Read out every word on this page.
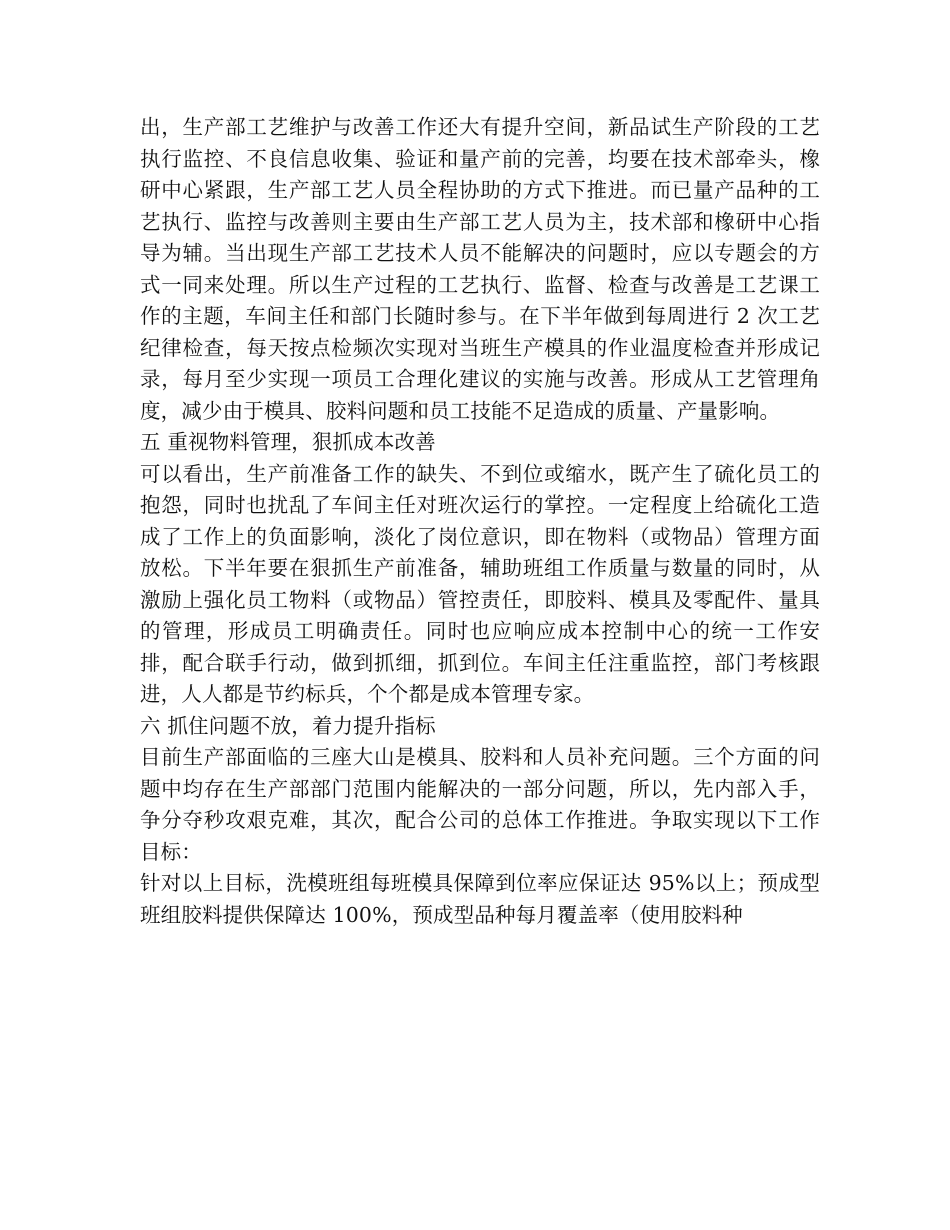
出，生产部工艺维护与改善工作还大有提升空间，新品试生产阶段的工艺执行监控、不良信息收集、验证和量产前的完善，均要在技术部牵头，橡研中心紧跟，生产部工艺人员全程协助的方式下推进。而已量产品种的工艺执行、监控与改善则主要由生产部工艺人员为主，技术部和橡研中心指导为辅。当出现生产部工艺技术人员不能解决的问题时，应以专题会的方式一同来处理。所以生产过程的工艺执行、监督、检查与改善是工艺课工作的主题，车间主任和部门长随时参与。在下半年做到每周进行 2 次工艺纪律检查，每天按点检频次实现对当班生产模具的作业温度检查并形成记录，每月至少实现一项员工合理化建议的实施与改善。形成从工艺管理角度，减少由于模具、胶料问题和员工技能不足造成的质量、产量影响。

五 重视物料管理，狠抓成本改善

可以看出，生产前准备工作的缺失、不到位或缩水，既产生了硫化员工的抱怨，同时也扰乱了车间主任对班次运行的掌控。一定程度上给硫化工造成了工作上的负面影响，淡化了岗位意识，即在物料（或物品）管理方面放松。下半年要在狠抓生产前准备，辅助班组工作质量与数量的同时，从激励上强化员工物料（或物品）管控责任，即胶料、模具及零配件、量具的管理，形成员工明确责任。同时也应响应成本控制中心的统一工作安排，配合联手行动，做到抓细，抓到位。车间主任注重监控，部门考核跟进，人人都是节约标兵，个个都是成本管理专家。

六 抓住问题不放，着力提升指标

目前生产部面临的三座大山是模具、胶料和人员补充问题。三个方面的问题中均存在生产部部门范围内能解决的一部分问题，所以，先内部入手，争分夺秒攻艰克难，其次，配合公司的总体工作推进。争取实现以下工作目标：

针对以上目标，洗模班组每班模具保障到位率应保证达 95%以上；预成型班组胶料提供保障达 100%，预成型品种每月覆盖率（使用胶料种
